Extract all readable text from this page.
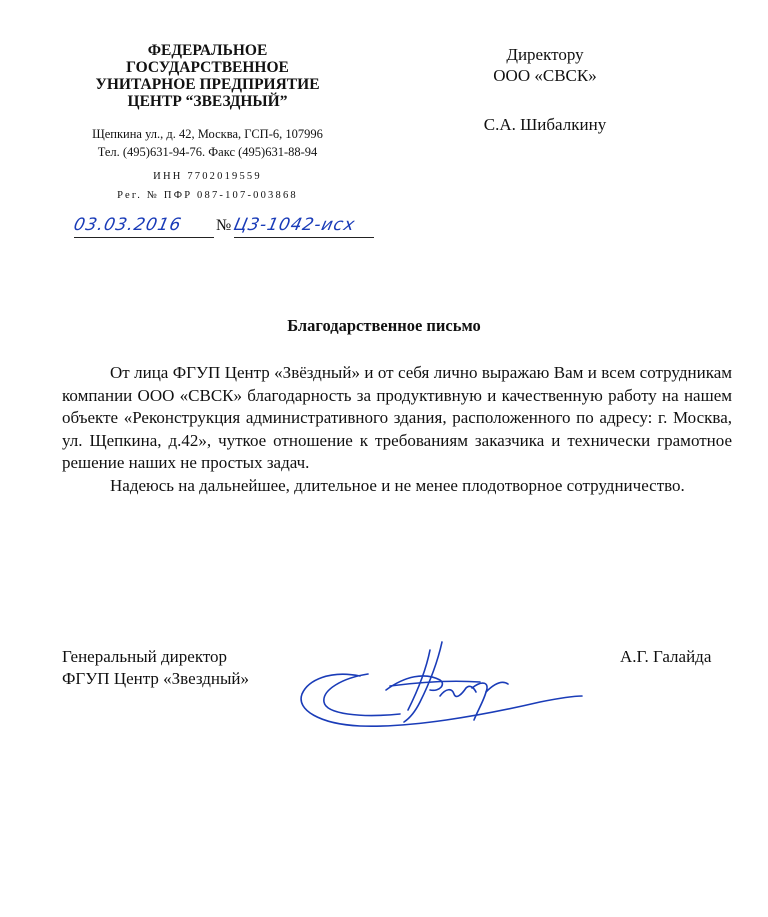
ФЕДЕРАЛЬНОЕ
ГОСУДАРСТВЕННОЕ
УНИТАРНОЕ ПРЕДПРИЯТИЕ
ЦЕНТР “ЗВЕЗДНЫЙ”
Щепкина ул., д. 42, Москва, ГСП-6, 107996
Тел. (495)631-94-76. Факс (495)631-88-94
ИНН 7702019559
Рег. № ПФР 087-107-003868
Директору
ООО «СВСК»
С.А. Шибалкину
03.03.2016 № Ц3-1042-исх
Благодарственное письмо

От лица ФГУП Центр «Звёздный» и от себя лично выражаю Вам и всем сотрудникам компании ООО «СВСК» благодарность за продуктивную и качественную работу на нашем объекте «Реконструкция административного здания, расположенного по адресу: г. Москва, ул. Щепкина, д.42», чуткое отношение к требованиям заказчика и технически грамотное решение наших не простых задач.

Надеюсь на дальнейшее, длительное и не менее плодотворное сотрудничество.

Генеральный директор
ФГУП Центр «Звездный»
А.Г. Галайда
